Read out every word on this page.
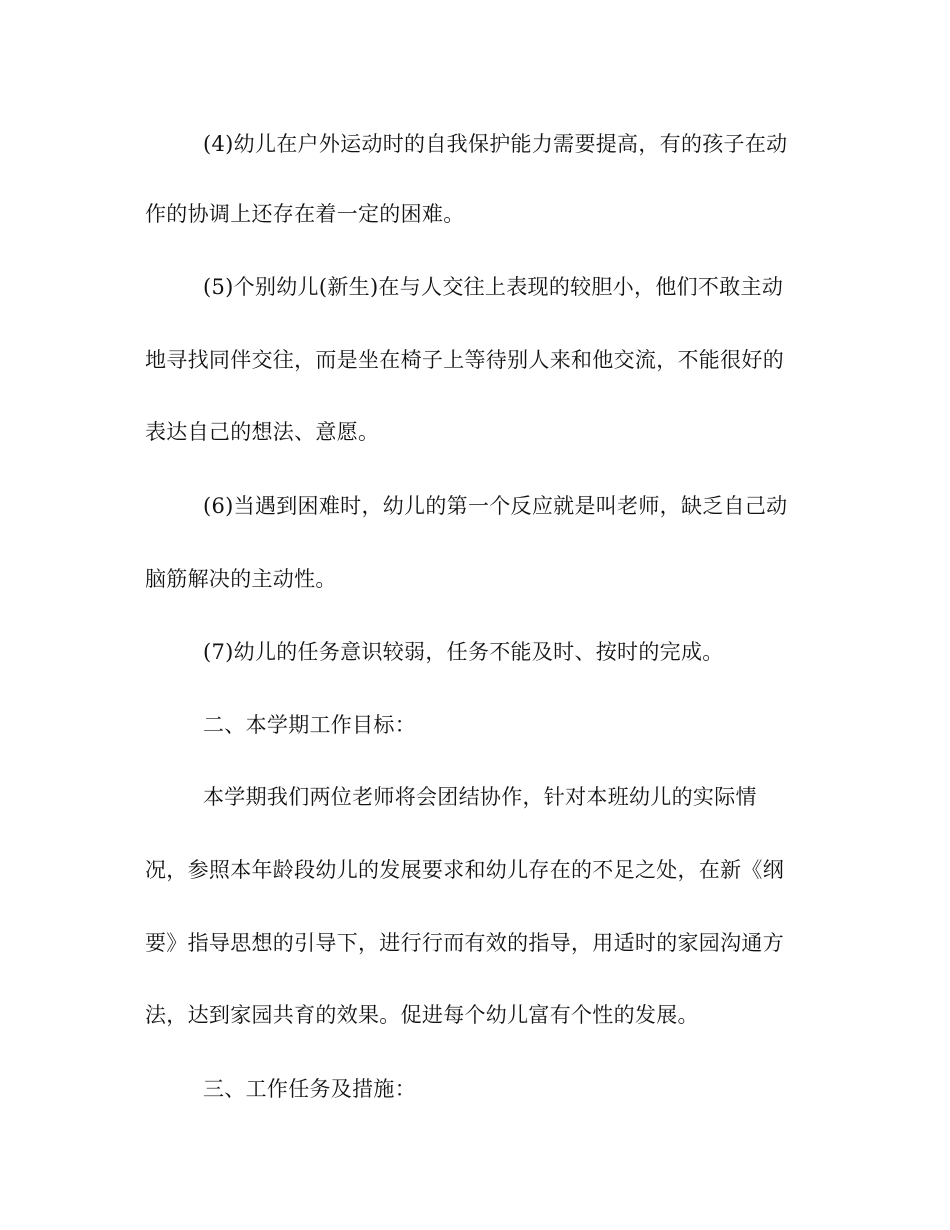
(4)幼儿在户外运动时的自我保护能力需要提高，有的孩子在动
作的协调上还存在着一定的困难。
(5)个别幼儿(新生)在与人交往上表现的较胆小，他们不敢主动
地寻找同伴交往，而是坐在椅子上等待别人来和他交流，不能很好的
表达自己的想法、意愿。
(6)当遇到困难时，幼儿的第一个反应就是叫老师，缺乏自己动
脑筋解决的主动性。
(7)幼儿的任务意识较弱，任务不能及时、按时的完成。
二、本学期工作目标：
本学期我们两位老师将会团结协作，针对本班幼儿的实际情
况，参照本年龄段幼儿的发展要求和幼儿存在的不足之处，在新《纲
要》指导思想的引导下，进行行而有效的指导，用适时的家园沟通方
法，达到家园共育的效果。促进每个幼儿富有个性的发展。
三、工作任务及措施：
